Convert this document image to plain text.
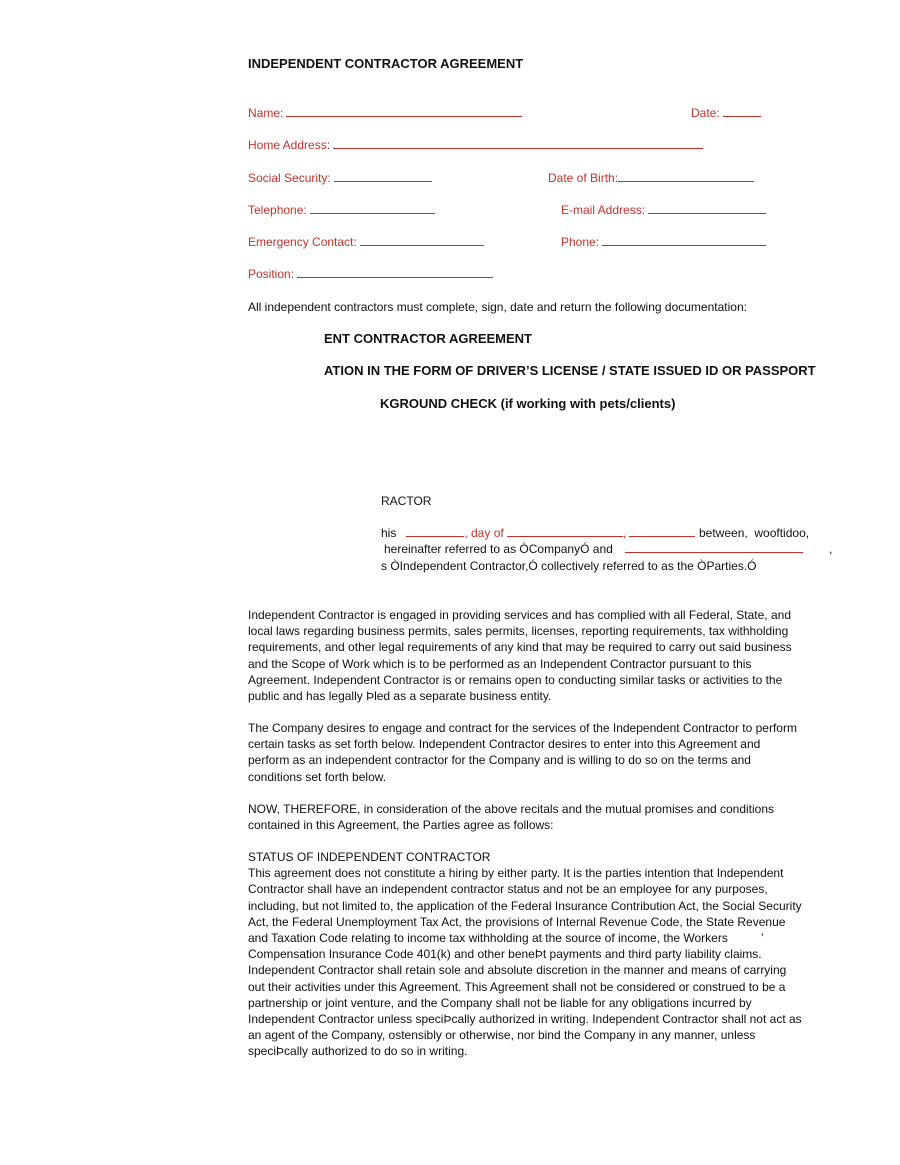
INDEPENDENT CONTRACTOR AGREEMENT
Name:	Date:
Home Address:
Social Security:	Date of Birth:
Telephone:	E-mail Address:
Emergency Contact:	Phone:
Position:
All independent contractors must complete, sign, date and return the following documentation:
ENT CONTRACTOR AGREEMENT
ATION IN THE FORM OF DRIVER’S LICENSE / STATE ISSUED ID OR PASSPORT
KGROUND CHECK (if working with pets/clients)
RACTOR
his	, day of	,	between,  wooftidoo,
hereinafter referred to as ÒCompanyÓ and	,
s ÒIndependent Contractor,Ó collectively referred to as the ÒParties.Ó
Independent Contractor is engaged in providing services and has complied with all Federal, State, and
local laws regarding business permits, sales permits, licenses, reporting requirements, tax withholding
requirements, and other legal requirements of any kind that may be required to carry out said business
and the Scope of Work which is to be performed as an Independent Contractor pursuant to this
Agreement. Independent Contractor is or remains open to conducting similar tasks or activities to the
public and has legally Þled as a separate business entity.
The Company desires to engage and contract for the services of the Independent Contractor to perform
certain tasks as set forth below. Independent Contractor desires to enter into this Agreement and
perform as an independent contractor for the Company and is willing to do so on the terms and
conditions set forth below.
NOW, THEREFORE, in consideration of the above recitals and the mutual promises and conditions
contained in this Agreement, the Parties agree as follows:
STATUS OF INDEPENDENT CONTRACTOR
This agreement does not constitute a hiring by either party. It is the parties intention that Independent
Contractor shall have an independent contractor status and not be an employee for any purposes,
including, but not limited to, the application of the Federal Insurance Contribution Act, the Social Security
Act, the Federal Unemployment Tax Act, the provisions of Internal Revenue Code, the State Revenue
and Taxation Code relating to income tax withholding at the source of income, the Workers          ’
Compensation Insurance Code 401(k) and other beneÞt payments and third party liability claims.
Independent Contractor shall retain sole and absolute discretion in the manner and means of carrying
out their activities under this Agreement. This Agreement shall not be considered or construed to be a
partnership or joint venture, and the Company shall not be liable for any obligations incurred by
Independent Contractor unless speciÞcally authorized in writing. Independent Contractor shall not act as
an agent of the Company, ostensibly or otherwise, nor bind the Company in any manner, unless
speciÞcally authorized to do so in writing.
